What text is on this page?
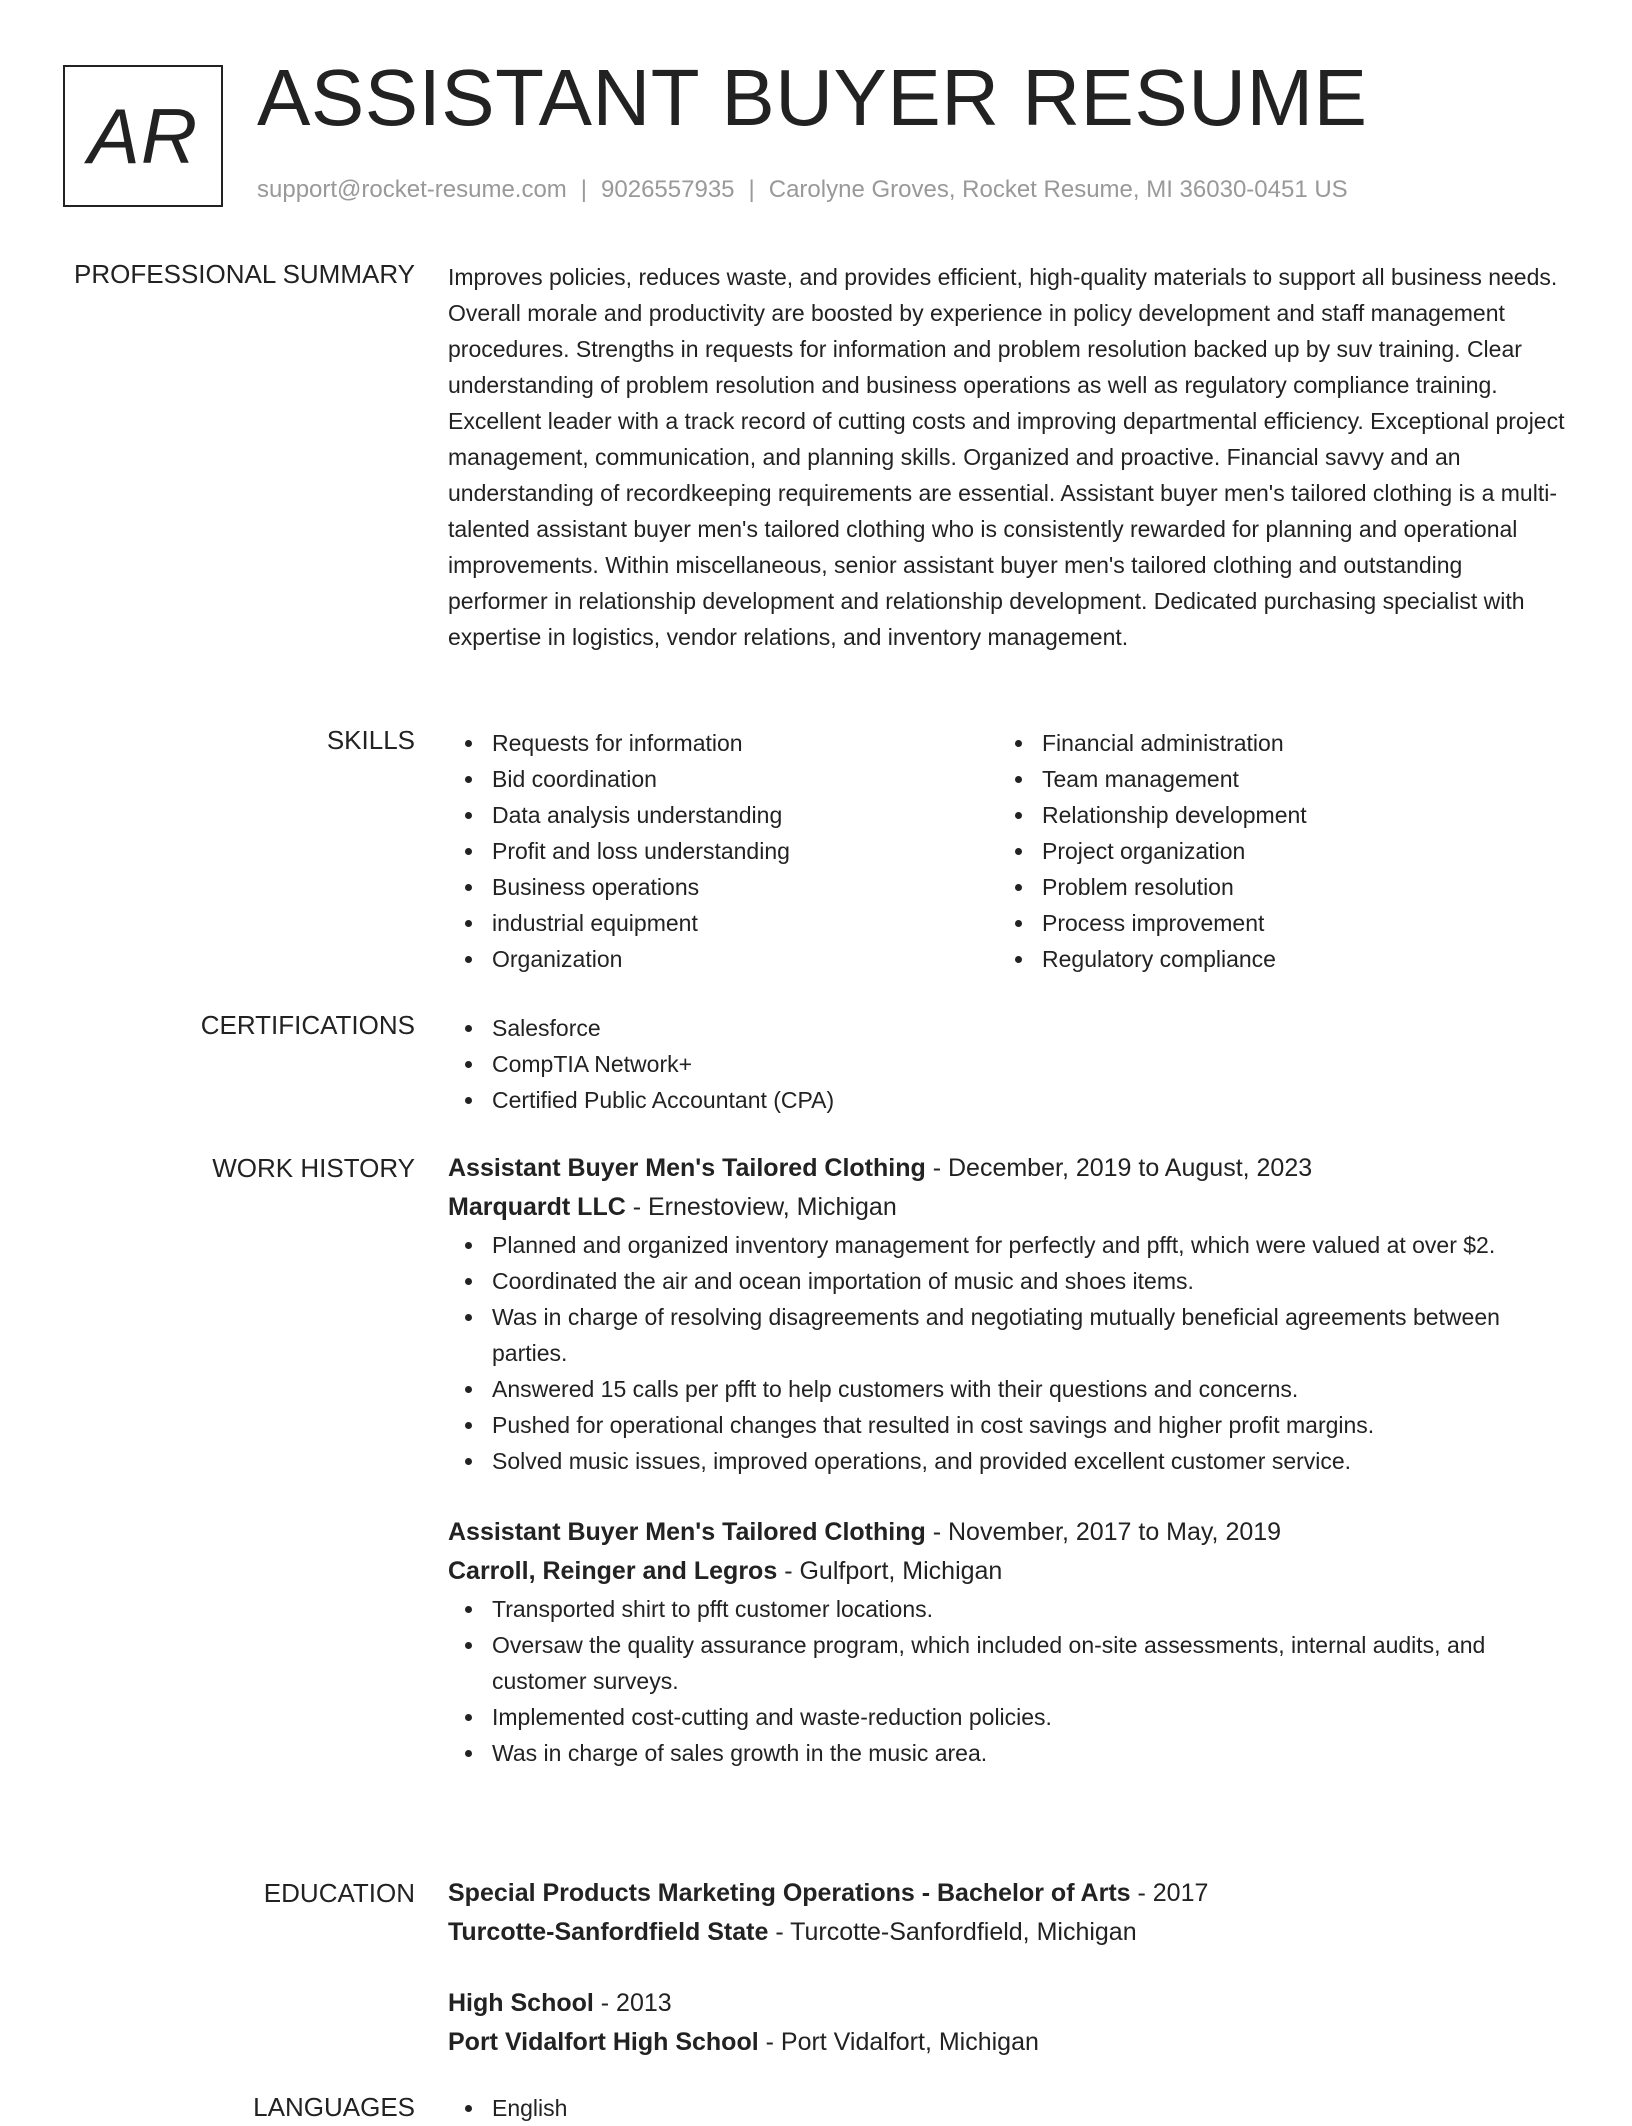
AR ASSISTANT BUYER RESUME
support@rocket-resume.com | 9026557935 | Carolyne Groves, Rocket Resume, MI 36030-0451 US
PROFESSIONAL SUMMARY Improves policies, reduces waste, and provides efficient, high-quality materials to support all business needs. Overall morale and productivity are boosted by experience in policy development and staff management procedures. Strengths in requests for information and problem resolution backed up by suv training. Clear understanding of problem resolution and business operations as well as regulatory compliance training. Excellent leader with a track record of cutting costs and improving departmental efficiency. Exceptional project management, communication, and planning skills. Organized and proactive. Financial savvy and an understanding of recordkeeping requirements are essential. Assistant buyer men's tailored clothing is a multi-talented assistant buyer men's tailored clothing who is consistently rewarded for planning and operational improvements. Within miscellaneous, senior assistant buyer men's tailored clothing and outstanding performer in relationship development and relationship development. Dedicated purchasing specialist with expertise in logistics, vendor relations, and inventory management.

SKILLS	Requests for information
Bid coordination
Data analysis understanding
Profit and loss understanding
Business operations
industrial equipment
Organization
Financial administration
Team management
Relationship development
Project organization
Problem resolution
Process improvement
Regulatory compliance
CERTIFICATIONS	Salesforce
CompTIA Network+
Certified Public Accountant (CPA)
WORK HISTORY Assistant Buyer Men's Tailored Clothing - December, 2019 to August, 2023
Marquardt LLC - Ernestoview, Michigan
Planned and organized inventory management for perfectly and pfft, which were valued at over $2.
Coordinated the air and ocean importation of music and shoes items.
Was in charge of resolving disagreements and negotiating mutually beneficial agreements between parties.
Answered 15 calls per pfft to help customers with their questions and concerns.
Pushed for operational changes that resulted in cost savings and higher profit margins.
Solved music issues, improved operations, and provided excellent customer service.
Assistant Buyer Men's Tailored Clothing - November, 2017 to May, 2019
Carroll, Reinger and Legros - Gulfport, Michigan
Transported shirt to pfft customer locations.
Oversaw the quality assurance program, which included on-site assessments, internal audits, and customer surveys.
Implemented cost-cutting and waste-reduction policies.
Was in charge of sales growth in the music area.
EDUCATION Special Products Marketing Operations - Bachelor of Arts - 2017
Turcotte-Sanfordfield State - Turcotte-Sanfordfield, Michigan
High School - 2013
Port Vidalfort High School - Port Vidalfort, Michigan
LANGUAGES	English
